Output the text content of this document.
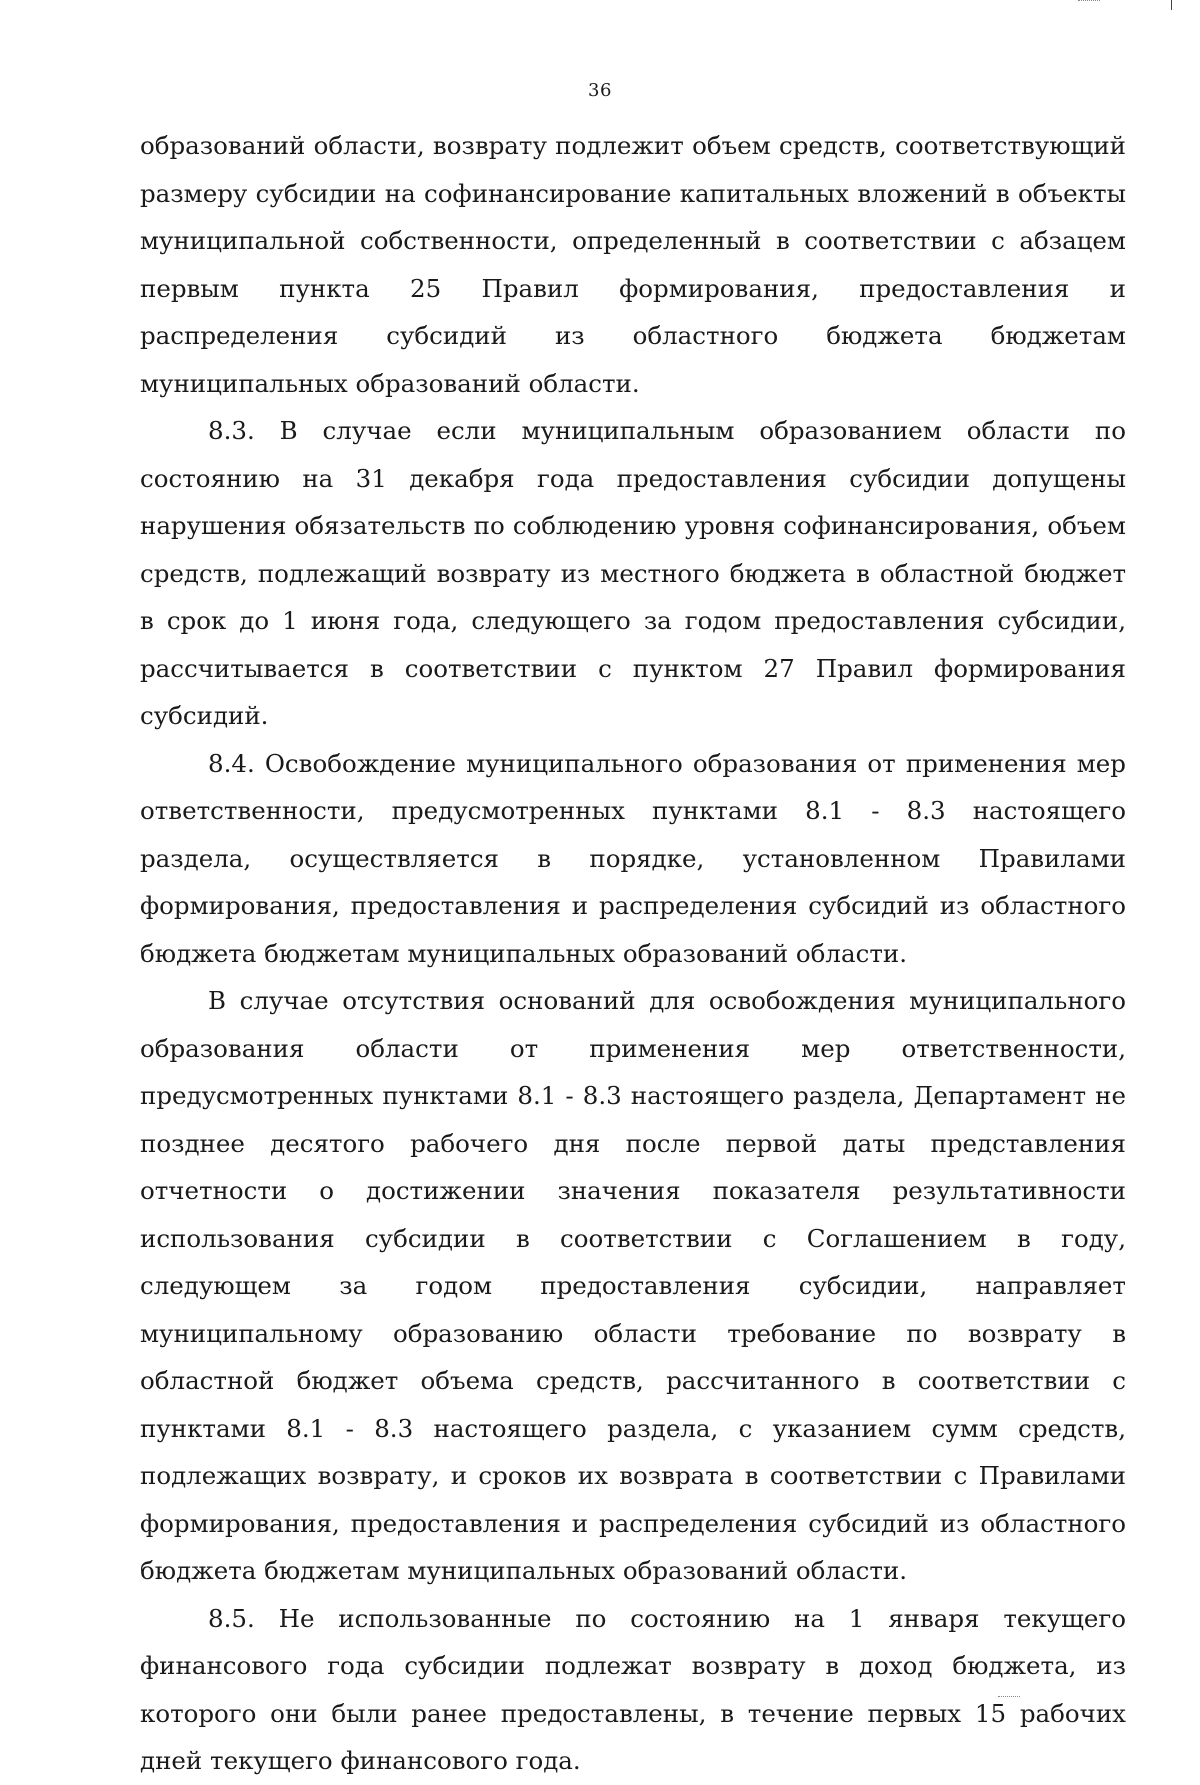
36

образований области, возврату подлежит объем средств, соответствующий размеру субсидии на софинансирование капитальных вложений в объекты муниципальной собственности, определенный в соответствии с абзацем первым пункта 25 Правил формирования, предоставления и распределения субсидий из областного бюджета бюджетам муниципальных образований области.

8.3. В случае если муниципальным образованием области по состоянию на 31 декабря года предоставления субсидии допущены нарушения обязательств по соблюдению уровня софинансирования, объем средств, подлежащий возврату из местного бюджета в областной бюджет в срок до 1 июня года, следующего за годом предоставления субсидии, рассчитывается в соответствии с пунктом 27 Правил формирования субсидий.

8.4. Освобождение муниципального образования от применения мер ответственности, предусмотренных пунктами 8.1 - 8.3 настоящего раздела, осуществляется в порядке, установленном Правилами формирования, предоставления и распределения субсидий из областного бюджета бюджетам муниципальных образований области.

В случае отсутствия оснований для освобождения муниципального образования области от применения мер ответственности, предусмотренных пунктами 8.1 - 8.3 настоящего раздела, Департамент не позднее десятого рабочего дня после первой даты представления отчетности о достижении значения показателя результативности использования субсидии в соответствии с Соглашением в году, следующем за годом предоставления субсидии, направляет муниципальному образованию области требование по возврату в областной бюджет объема средств, рассчитанного в соответствии с пунктами 8.1 - 8.3 настоящего раздела, с указанием сумм средств, подлежащих возврату, и сроков их возврата в соответствии с Правилами формирования, предоставления и распределения субсидий из областного бюджета бюджетам муниципальных образований области.

8.5. Не использованные по состоянию на 1 января текущего финансового года субсидии подлежат возврату в доход бюджета, из которого они были ранее предоставлены, в течение первых 15 рабочих дней текущего финансового года.
